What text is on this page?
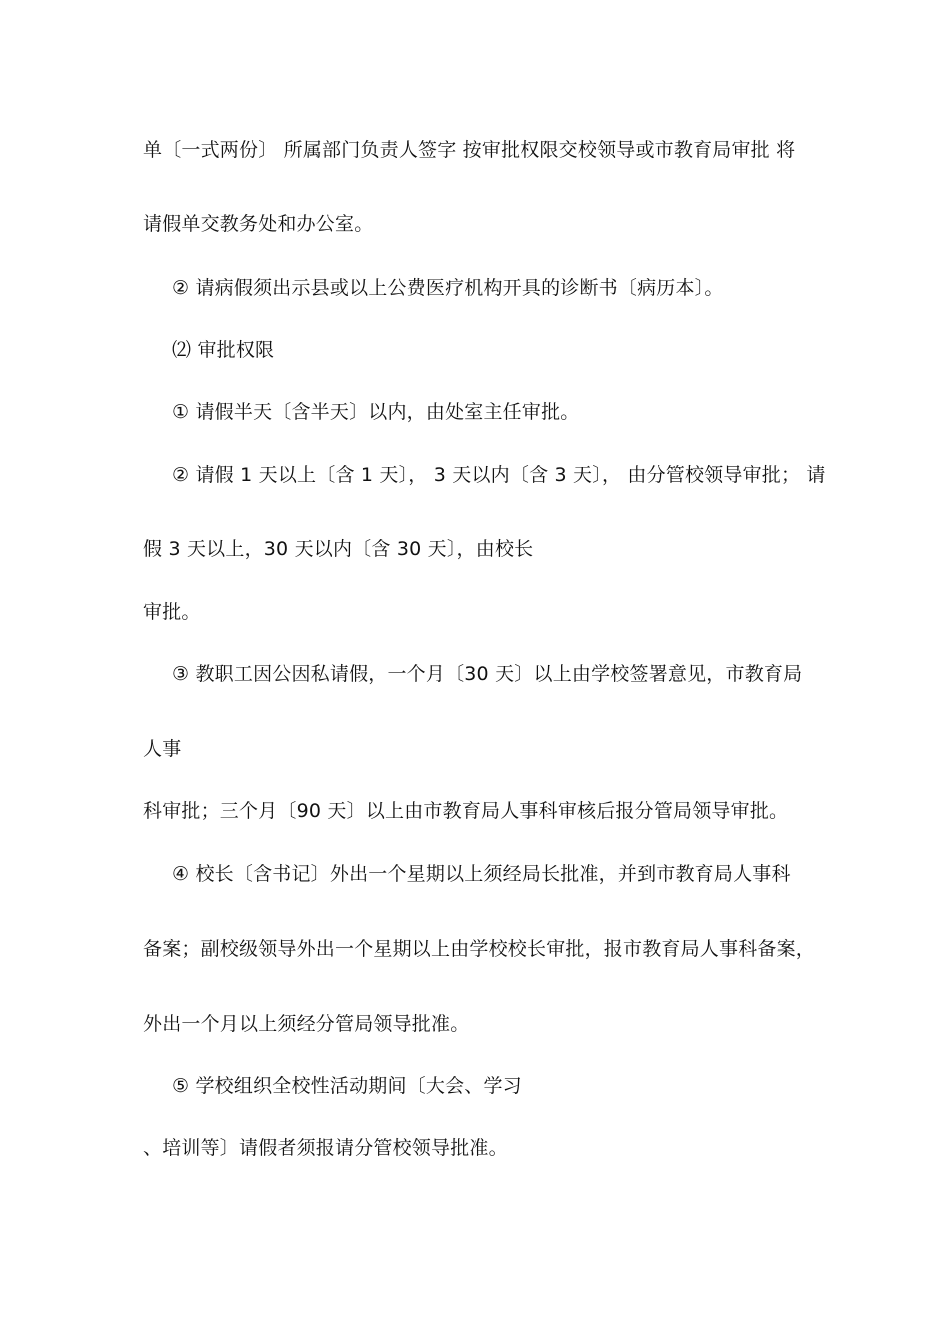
单〔一式两份〕 所属部门负责人签字 按审批权限交校领导或市教育局审批 将
请假单交教务处和办公室。
② 请病假须出示县或以上公费医疗机构开具的诊断书〔病历本〕。
⑵ 审批权限
① 请假半天〔含半天〕以内，由处室主任审批。
② 请假 1 天以上〔含 1 天〕， 3 天以内〔含 3 天〕， 由分管校领导审批； 请
假 3 天以上，30 天以内〔含 30 天〕，由校长
审批。
③ 教职工因公因私请假，一个月〔30 天〕以上由学校签署意见，市教育局
人事
科审批；三个月〔90 天〕以上由市教育局人事科审核后报分管局领导审批。
④ 校长〔含书记〕外出一个星期以上须经局长批准，并到市教育局人事科
备案；副校级领导外出一个星期以上由学校校长审批，报市教育局人事科备案，
外出一个月以上须经分管局领导批准。
⑤ 学校组织全校性活动期间〔大会、学习
、培训等〕请假者须报请分管校领导批准。
